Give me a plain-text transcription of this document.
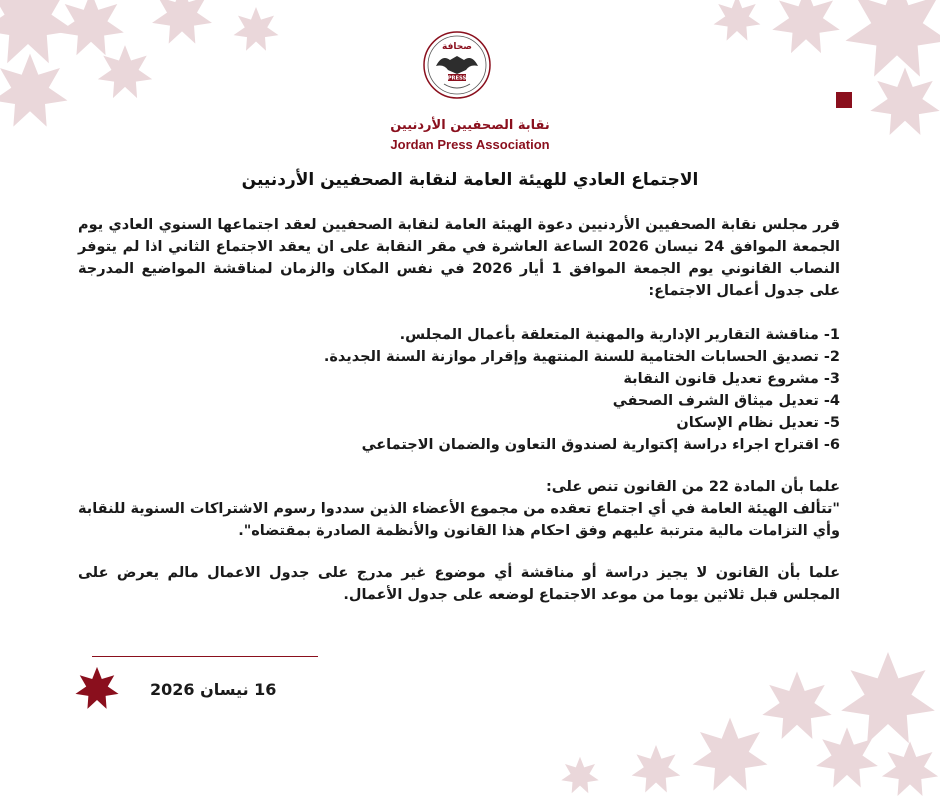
صحافة
PRESS
نقابة الصحفيين الأردنيين
Jordan Press Association
الاجتماع العادي للهيئة العامة لنقابة الصحفيين الأردنيين

قرر مجلس نقابة الصحفيين الأردنيين دعوة الهيئة العامة لنقابة الصحفيين لعقد اجتماعها السنوي العادي يوم الجمعة الموافق 24 نيسان 2026 الساعة العاشرة في مقر النقابة على ان يعقد الاجتماع الثاني اذا لم يتوفر النصاب القانوني يوم الجمعة الموافق 1 أيار 2026 في نفس المكان والزمان لمناقشة المواضيع المدرجة على جدول أعمال الاجتماع:

1- مناقشة التقارير الإدارية والمهنية المتعلقة بأعمال المجلس.
2- تصديق الحسابات الختامية للسنة المنتهية وإقرار موازنة السنة الجديدة.
3- مشروع تعديل قانون النقابة
4- تعديل ميثاق الشرف الصحفي
5- تعديل نظام الإسكان
6- اقتراح اجراء دراسة إكتوارية لصندوق التعاون والضمان الاجتماعي

علما بأن المادة 22 من القانون تنص على:

"تتألف الهيئة العامة في أي اجتماع تعقده من مجموع الأعضاء الذين سددوا رسوم الاشتراكات السنوية للنقابة وأي التزامات مالية مترتبة عليهم وفق احكام هذا القانون والأنظمة الصادرة بمقتضاه".

علما بأن القانون لا يجيز دراسة أو مناقشة أي موضوع غير مدرج على جدول الاعمال مالم يعرض على المجلس قبل ثلاثين يوما من موعد الاجتماع لوضعه على جدول الأعمال.

16 نيسان 2026
